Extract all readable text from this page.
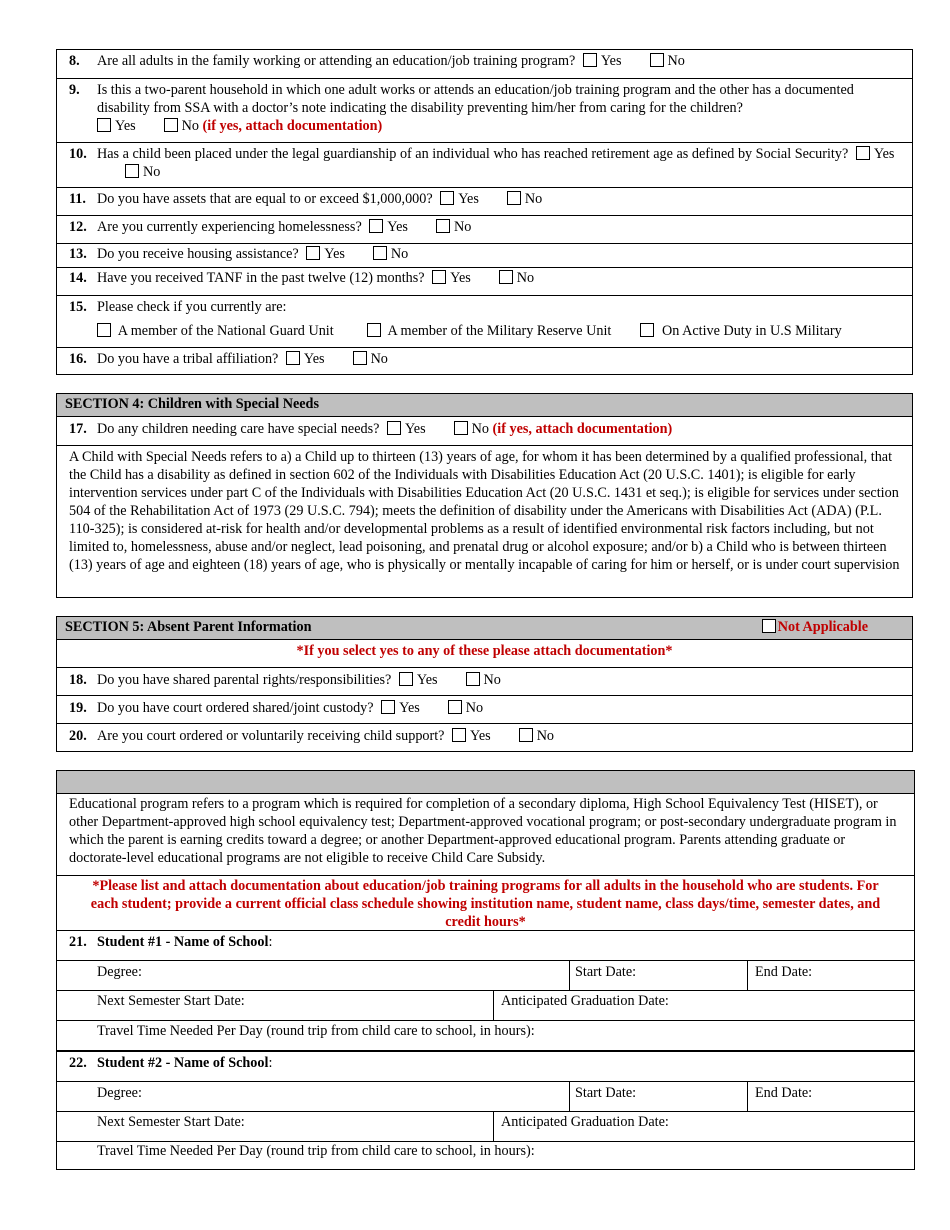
8. Are all adults in the family working or attending an education/job training program? Yes	No
9.	Is this a two-parent household in which one adult works or attends an education/job training program and the other has a documented disability from SSA with a doctor’s note indicating the disability preventing him/her from caring for the children?
Yes	No (if yes, attach documentation)
10. Has a child been placed under the legal guardianship of an individual who has reached retirement age as defined by Social Security? YesNo
11. Do you have assets that are equal to or exceed $1,000,000? Yes	No
12. Are you currently experiencing homelessness? Yes	No
13. Do you receive housing assistance? Yes	No
14. Have you received TANF in the past twelve (12) months? Yes	No
15. Please check if you currently are:
A member of the National Guard Unit	A member of the Military Reserve Unit	On Active Duty in U.S Military
16. Do you have a tribal affiliation? Yes	No
SECTION 4: Children with Special Needs
17. Do any children needing care have special needs? Yes	No (if yes, attach documentation)
A Child with Special Needs refers to a) a Child up to thirteen (13) years of age, for whom it has been determined by a qualified professional, that the Child has a disability as defined in section 602 of the Individuals with Disabilities Education Act (20 U.S.C. 1401); is eligible for early intervention services under part C of the Individuals with Disabilities Education Act (20 U.S.C. 1431 et seq.); is eligible for services under section 504 of the Rehabilitation Act of 1973 (29 U.S.C. 794); meets the definition of disability under the Americans with Disabilities Act (ADA) (P.L. 110-325); is considered at-risk for health and/or developmental problems as a result of identified environmental risk factors including, but not limited to, homelessness, abuse and/or neglect, lead poisoning, and prenatal drug or alcohol exposure; and/or b) a Child who is between thirteen (13) years of age and eighteen (18) years of age, who is physically or mentally incapable of caring for him or herself, or is under court supervision
SECTION 5: Absent Parent Information	Not Applicable
*If you select yes to any of these please attach documentation*
18. Do you have shared parental rights/responsibilities? Yes	No
19. Do you have court ordered shared/joint custody? Yes	No
20. Are you court ordered or voluntarily receiving child support? Yes	No
Educational program refers to a program which is required for completion of a secondary diploma, High School Equivalency Test (HISET), or other Department-approved high school equivalency test; Department-approved vocational program; or post-secondary undergraduate program in which the parent is earning credits toward a degree; or another Department-approved educational program. Parents attending graduate or doctorate-level educational programs are not eligible to receive Child Care Subsidy.
*Please list and attach documentation about education/job training programs for all adults in the household who are students. For each student; provide a current official class schedule showing institution name, student name, class days/time, semester dates, and credit hours*
21. Student #1 - Name of School:
Degree:	Start Date:	End Date:
Next Semester Start Date:	Anticipated Graduation Date:
Travel Time Needed Per Day (round trip from child care to school, in hours):
22. Student #2 - Name of School:
Degree:	Start Date:	End Date:
Next Semester Start Date:	Anticipated Graduation Date:
Travel Time Needed Per Day (round trip from child care to school, in hours):
